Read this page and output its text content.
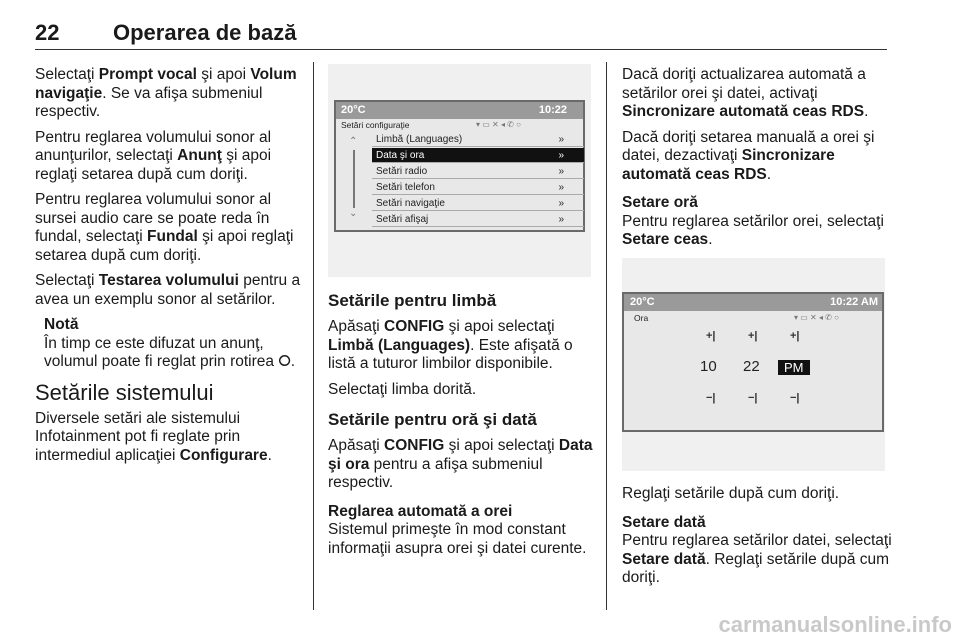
22 Operarea de bază

Selectaţi Prompt vocal şi apoi Volum navigaţie. Se va afişa submeniul respectiv.

Pentru reglarea volumului sonor al anunţurilor, selectaţi Anunţ şi apoi reglaţi setarea după cum doriţi.

Pentru reglarea volumului sonor al sursei audio care se poate reda în fundal, selectaţi Fundal şi apoi reglaţi setarea după cum doriţi.

Selectaţi Testarea volumului pentru a avea un exemplu sonor al setărilor.

Notă
În timp ce este difuzat un anunţ, volumul poate fi reglat prin rotirea ⭘.
Setările sistemului

Diversele setări ale sistemului Infotainment pot fi reglate prin intermediul aplicaţiei Configurare.

20°C	10:22
Setări configuraţie	▾ ▭ ✕ ◂ ✆ ○
⌃
⌄
Limbă (Languages)	»
Data şi ora	»
Setări radio	»
Setări telefon	»
Setări navigaţie	»
Setări afişaj	»
Setările pentru limbă

Apăsaţi CONFIG şi apoi selectaţi Limbă (Languages). Este afişată o listă a tuturor limbilor disponibile.

Selectaţi limba dorită.

Setările pentru oră şi dată

Apăsaţi CONFIG şi apoi selectaţi Data şi ora pentru a afişa submeniul respectiv.

Reglarea automată a orei

Sistemul primeşte în mod constant informaţii asupra orei şi datei curente.

Dacă doriţi actualizarea automată a setărilor orei şi datei, activaţi Sincronizare automată ceas RDS.

Dacă doriţi setarea manuală a orei şi datei, dezactivaţi Sincronizare automată ceas RDS.

Setare oră

Pentru reglarea setărilor orei, selectaţi Setare ceas.

20°C	10:22 AM
Ora	▾ ▭ ✕ ◂ ✆ ○
+|	+|	+|
10 22	PM
−|	−|	−|

Reglaţi setările după cum doriţi.

Setare dată

Pentru reglarea setărilor datei, selectaţi Setare dată. Reglaţi setările după cum doriţi.

carmanualsonline.info
